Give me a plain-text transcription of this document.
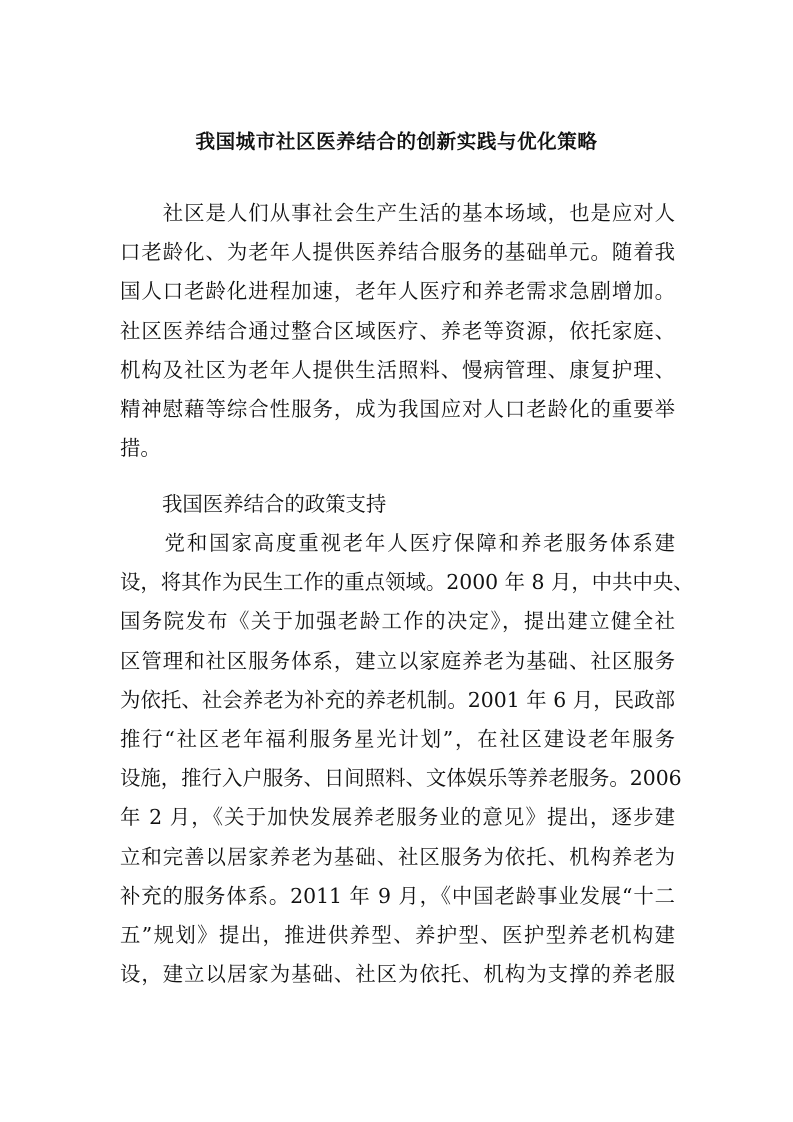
我国城市社区医养结合的创新实践与优化策略
　　社区是人们从事社会生产生活的基本场域，也是应对人
口老龄化、为老年人提供医养结合服务的基础单元。随着我
国人口老龄化进程加速，老年人医疗和养老需求急剧增加。
社区医养结合通过整合区域医疗、养老等资源，依托家庭、
机构及社区为老年人提供生活照料、慢病管理、康复护理、
精神慰藉等综合性服务，成为我国应对人口老龄化的重要举
措。
我国医养结合的政策支持
　　党和国家高度重视老年人医疗保障和养老服务体系建
设，将其作为民生工作的重点领域。2000 年 8 月，中共中央、
国务院发布《关于加强老龄工作的决定》，提出建立健全社
区管理和社区服务体系，建立以家庭养老为基础、社区服务
为依托、社会养老为补充的养老机制。2001 年 6 月，民政部
推行“社区老年福利服务星光计划”，在社区建设老年服务
设施，推行入户服务、日间照料、文体娱乐等养老服务。2006
年 2 月，《关于加快发展养老服务业的意见》提出，逐步建
立和完善以居家养老为基础、社区服务为依托、机构养老为
补充的服务体系。2011 年 9 月，《中国老龄事业发展“十二
五”规划》提出，推进供养型、养护型、医护型养老机构建
设，建立以居家为基础、社区为依托、机构为支撑的养老服
